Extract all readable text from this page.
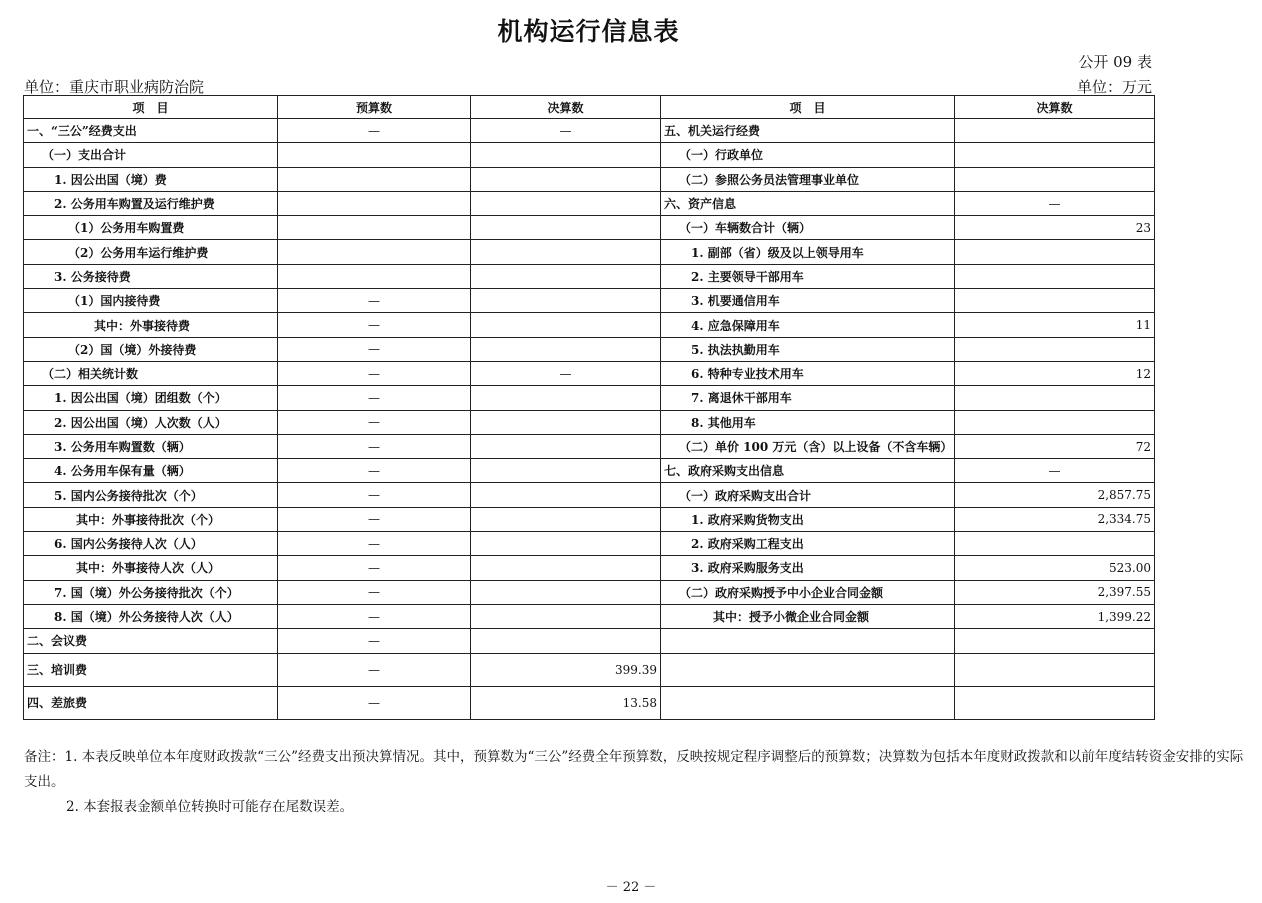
机构运行信息表
公开 09 表
单位：重庆市职业病防治院	单位：万元
项　目	预算数	决算数	项　目	决算数
一、“三公”经费支出	—	—	五、机关运行经费	
（一）支出合计			（一）行政单位	
1. 因公出国（境）费			（二）参照公务员法管理事业单位	
2. 公务用车购置及运行维护费			六、资产信息	—
（1）公务用车购置费			（一）车辆数合计（辆）	23
（2）公务用车运行维护费			1. 副部（省）级及以上领导用车	
3. 公务接待费			2. 主要领导干部用车	
（1）国内接待费	—		3. 机要通信用车	
其中：外事接待费	—		4. 应急保障用车	11
（2）国（境）外接待费	—		5. 执法执勤用车	
（二）相关统计数	—	—	6. 特种专业技术用车	12
1. 因公出国（境）团组数（个）	—		7. 离退休干部用车	
2. 因公出国（境）人次数（人）	—		8. 其他用车	
3. 公务用车购置数（辆）	—		（二）单价 100 万元（含）以上设备（不含车辆）	72
4. 公务用车保有量（辆）	—		七、政府采购支出信息	—
5. 国内公务接待批次（个）	—		（一）政府采购支出合计	2,857.75
其中：外事接待批次（个）	—		1. 政府采购货物支出	2,334.75
6. 国内公务接待人次（人）	—		2. 政府采购工程支出	
其中：外事接待人次（人）	—		3. 政府采购服务支出	523.00
7. 国（境）外公务接待批次（个）	—		（二）政府采购授予中小企业合同金额	2,397.55
8. 国（境）外公务接待人次（人）	—		其中：授予小微企业合同金额	1,399.22
二、会议费	—			
三、培训费	—	399.39		
四、差旅费	—	13.58		
备注：1. 本表反映单位本年度财政拨款“三公”经费支出预决算情况。其中，预算数为“三公”经费全年预算数，反映按规定程序调整后的预算数；决算数为包括本年度财政拨款和以前年度结转资金安排的实际支出。
2. 本套报表金额单位转换时可能存在尾数误差。
－ 22 －
